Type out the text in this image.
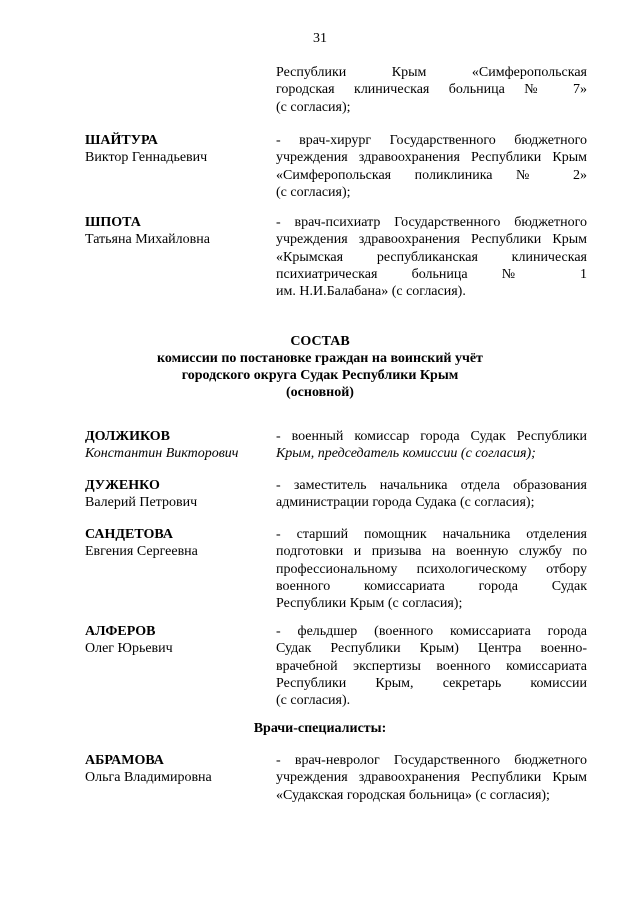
31
Республики Крым «Симферопольская
городская клиническая больница № 7»
(с согласия);
ШАЙТУРА
Виктор Геннадьевич
- врач-хирург Государственного бюджетного
учреждения здравоохранения Республики Крым
«Симферопольская поликлиника № 2»
(с согласия);
ШПОТА
Татьяна Михайловна
- врач-психиатр Государственного бюджетного
учреждения здравоохранения Республики Крым
«Крымская республиканская клиническая
психиатрическая больница № 1
им. Н.И.Балабана» (с согласия).
СОСТАВ
комиссии по постановке граждан на воинский учёт
городского округа Судак Республики Крым
(основной)
ДОЛЖИКОВ
Константин Викторович
- военный комиссар города Судак Республики
Крым, председатель комиссии (с согласия);
ДУЖЕНКО
Валерий Петрович
- заместитель начальника отдела образования
администрации города Судака (с согласия);
САНДЕТОВА
Евгения Сергеевна
- старший помощник начальника отделения
подготовки и призыва на военную службу по
профессиональному психологическому отбору
военного комиссариата города Судак
Республики Крым (с согласия);
АЛФЕРОВ
Олег Юрьевич
- фельдшер (военного комиссариата города
Судак Республики Крым) Центра военно-
врачебной экспертизы военного комиссариата
Республики Крым, секретарь комиссии
(с согласия).
Врачи-специалисты:
АБРАМОВА
Ольга Владимировна
- врач-невролог Государственного бюджетного
учреждения здравоохранения Республики Крым
«Судакская городская больница» (с согласия);
